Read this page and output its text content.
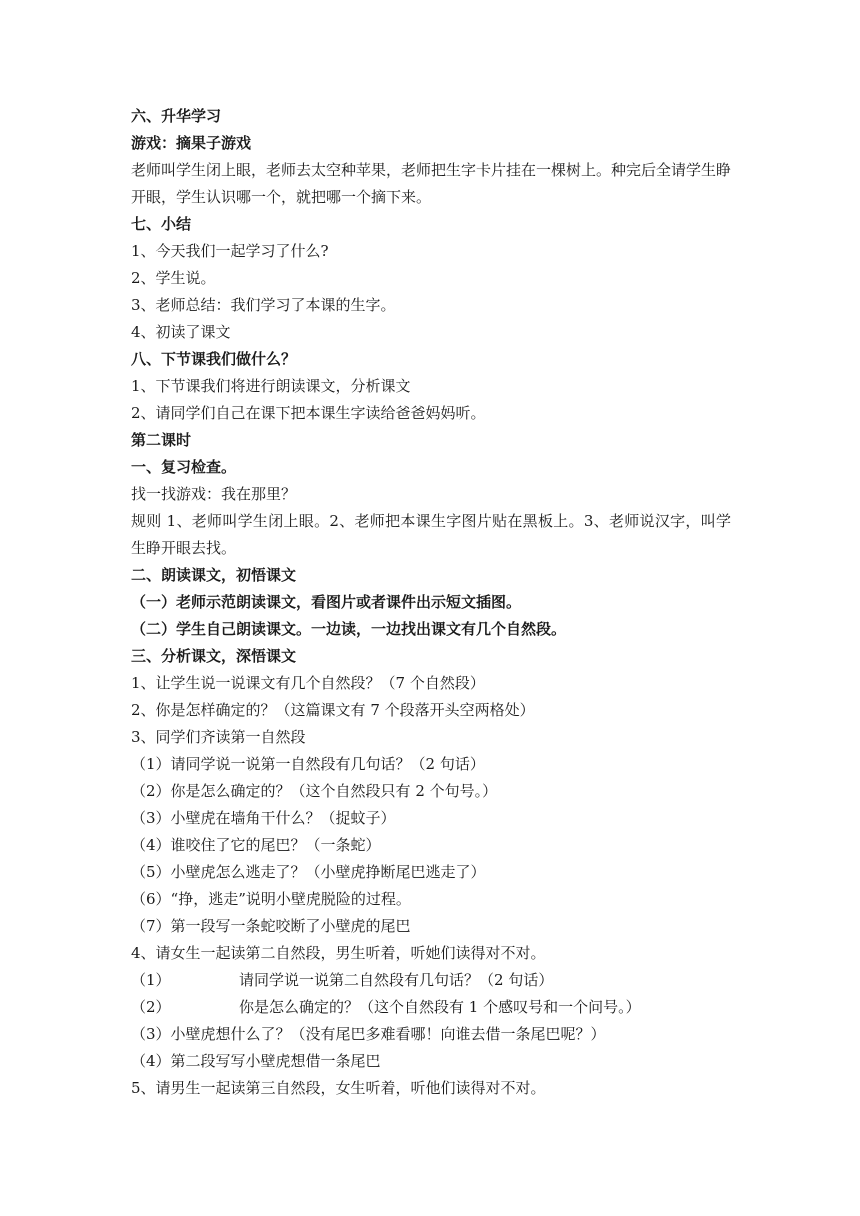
六、升华学习
游戏：摘果子游戏
老师叫学生闭上眼，老师去太空种苹果，老师把生字卡片挂在一棵树上。种完后全请学生睁开眼，学生认识哪一个，就把哪一个摘下来。
七、小结
1、今天我们一起学习了什么?
2、学生说。
3、老师总结：我们学习了本课的生字。
4、初读了课文
八、下节课我们做什么？
1、下节课我们将进行朗读课文，分析课文
2、请同学们自己在课下把本课生字读给爸爸妈妈听。
第二课时
一、复习检查。
找一找游戏：我在那里？
规则 1、老师叫学生闭上眼。2、老师把本课生字图片贴在黑板上。3、老师说汉字，叫学生睁开眼去找。
二、朗读课文，初悟课文
（一）老师示范朗读课文，看图片或者课件出示短文插图。
（二）学生自己朗读课文。一边读，一边找出课文有几个自然段。
三、分析课文，深悟课文
1、让学生说一说课文有几个自然段？（7 个自然段）
2、你是怎样确定的？（这篇课文有 7 个段落开头空两格处）
3、同学们齐读第一自然段
（1）请同学说一说第一自然段有几句话？（2 句话）
（2）你是怎么确定的？（这个自然段只有 2 个句号。）
（3）小壁虎在墙角干什么？（捉蚊子）
（4）谁咬住了它的尾巴？（一条蛇）
（5）小壁虎怎么逃走了？（小壁虎挣断尾巴逃走了）
（6）“挣，逃走”说明小壁虎脱险的过程。
（7）第一段写一条蛇咬断了小壁虎的尾巴
4、请女生一起读第二自然段，男生听着，听她们读得对不对。
（1）	请同学说一说第二自然段有几句话？（2 句话）
（2）	你是怎么确定的？（这个自然段有 1 个感叹号和一个问号。）
（3）小壁虎想什么了？（没有尾巴多难看哪！向谁去借一条尾巴呢？）
（4）第二段写写小壁虎想借一条尾巴
5、请男生一起读第三自然段，女生听着，听他们读得对不对。
